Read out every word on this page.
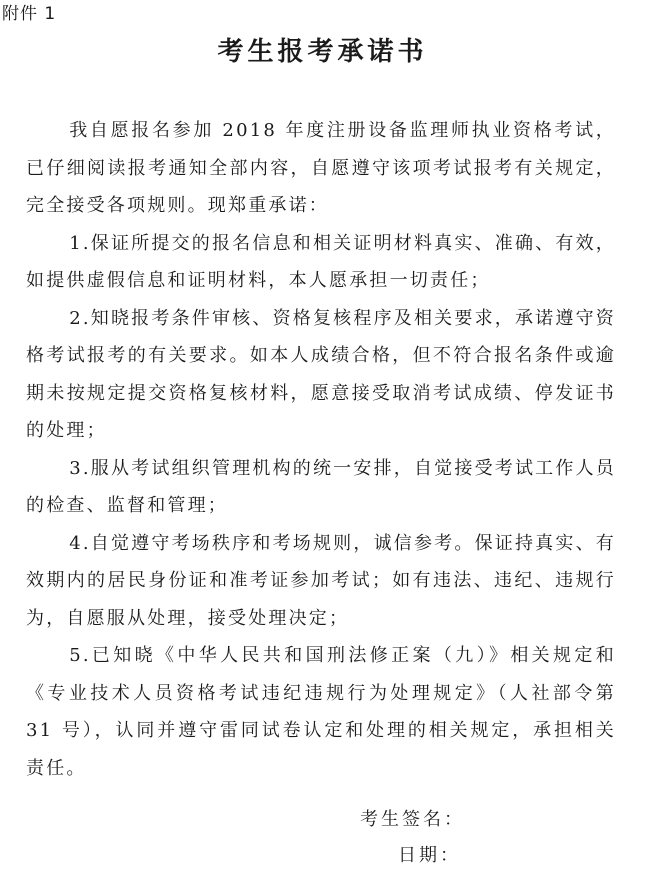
附件 1
考生报考承诺书

我自愿报名参加 2018 年度注册设备监理师执业资格考试，已仔细阅读报考通知全部内容，自愿遵守该项考试报考有关规定，完全接受各项规则。现郑重承诺：

1.保证所提交的报名信息和相关证明材料真实、准确、有效，如提供虚假信息和证明材料，本人愿承担一切责任；

2.知晓报考条件审核、资格复核程序及相关要求，承诺遵守资格考试报考的有关要求。如本人成绩合格，但不符合报名条件或逾期未按规定提交资格复核材料，愿意接受取消考试成绩、停发证书的处理；

3.服从考试组织管理机构的统一安排，自觉接受考试工作人员的检查、监督和管理；

4.自觉遵守考场秩序和考场规则，诚信参考。保证持真实、有效期内的居民身份证和准考证参加考试；如有违法、违纪、违规行为，自愿服从处理，接受处理决定；

5.已知晓《中华人民共和国刑法修正案（九）》相关规定和《专业技术人员资格考试违纪违规行为处理规定》（人社部令第 31 号），认同并遵守雷同试卷认定和处理的相关规定，承担相关责任。

考生签名：
日期：
